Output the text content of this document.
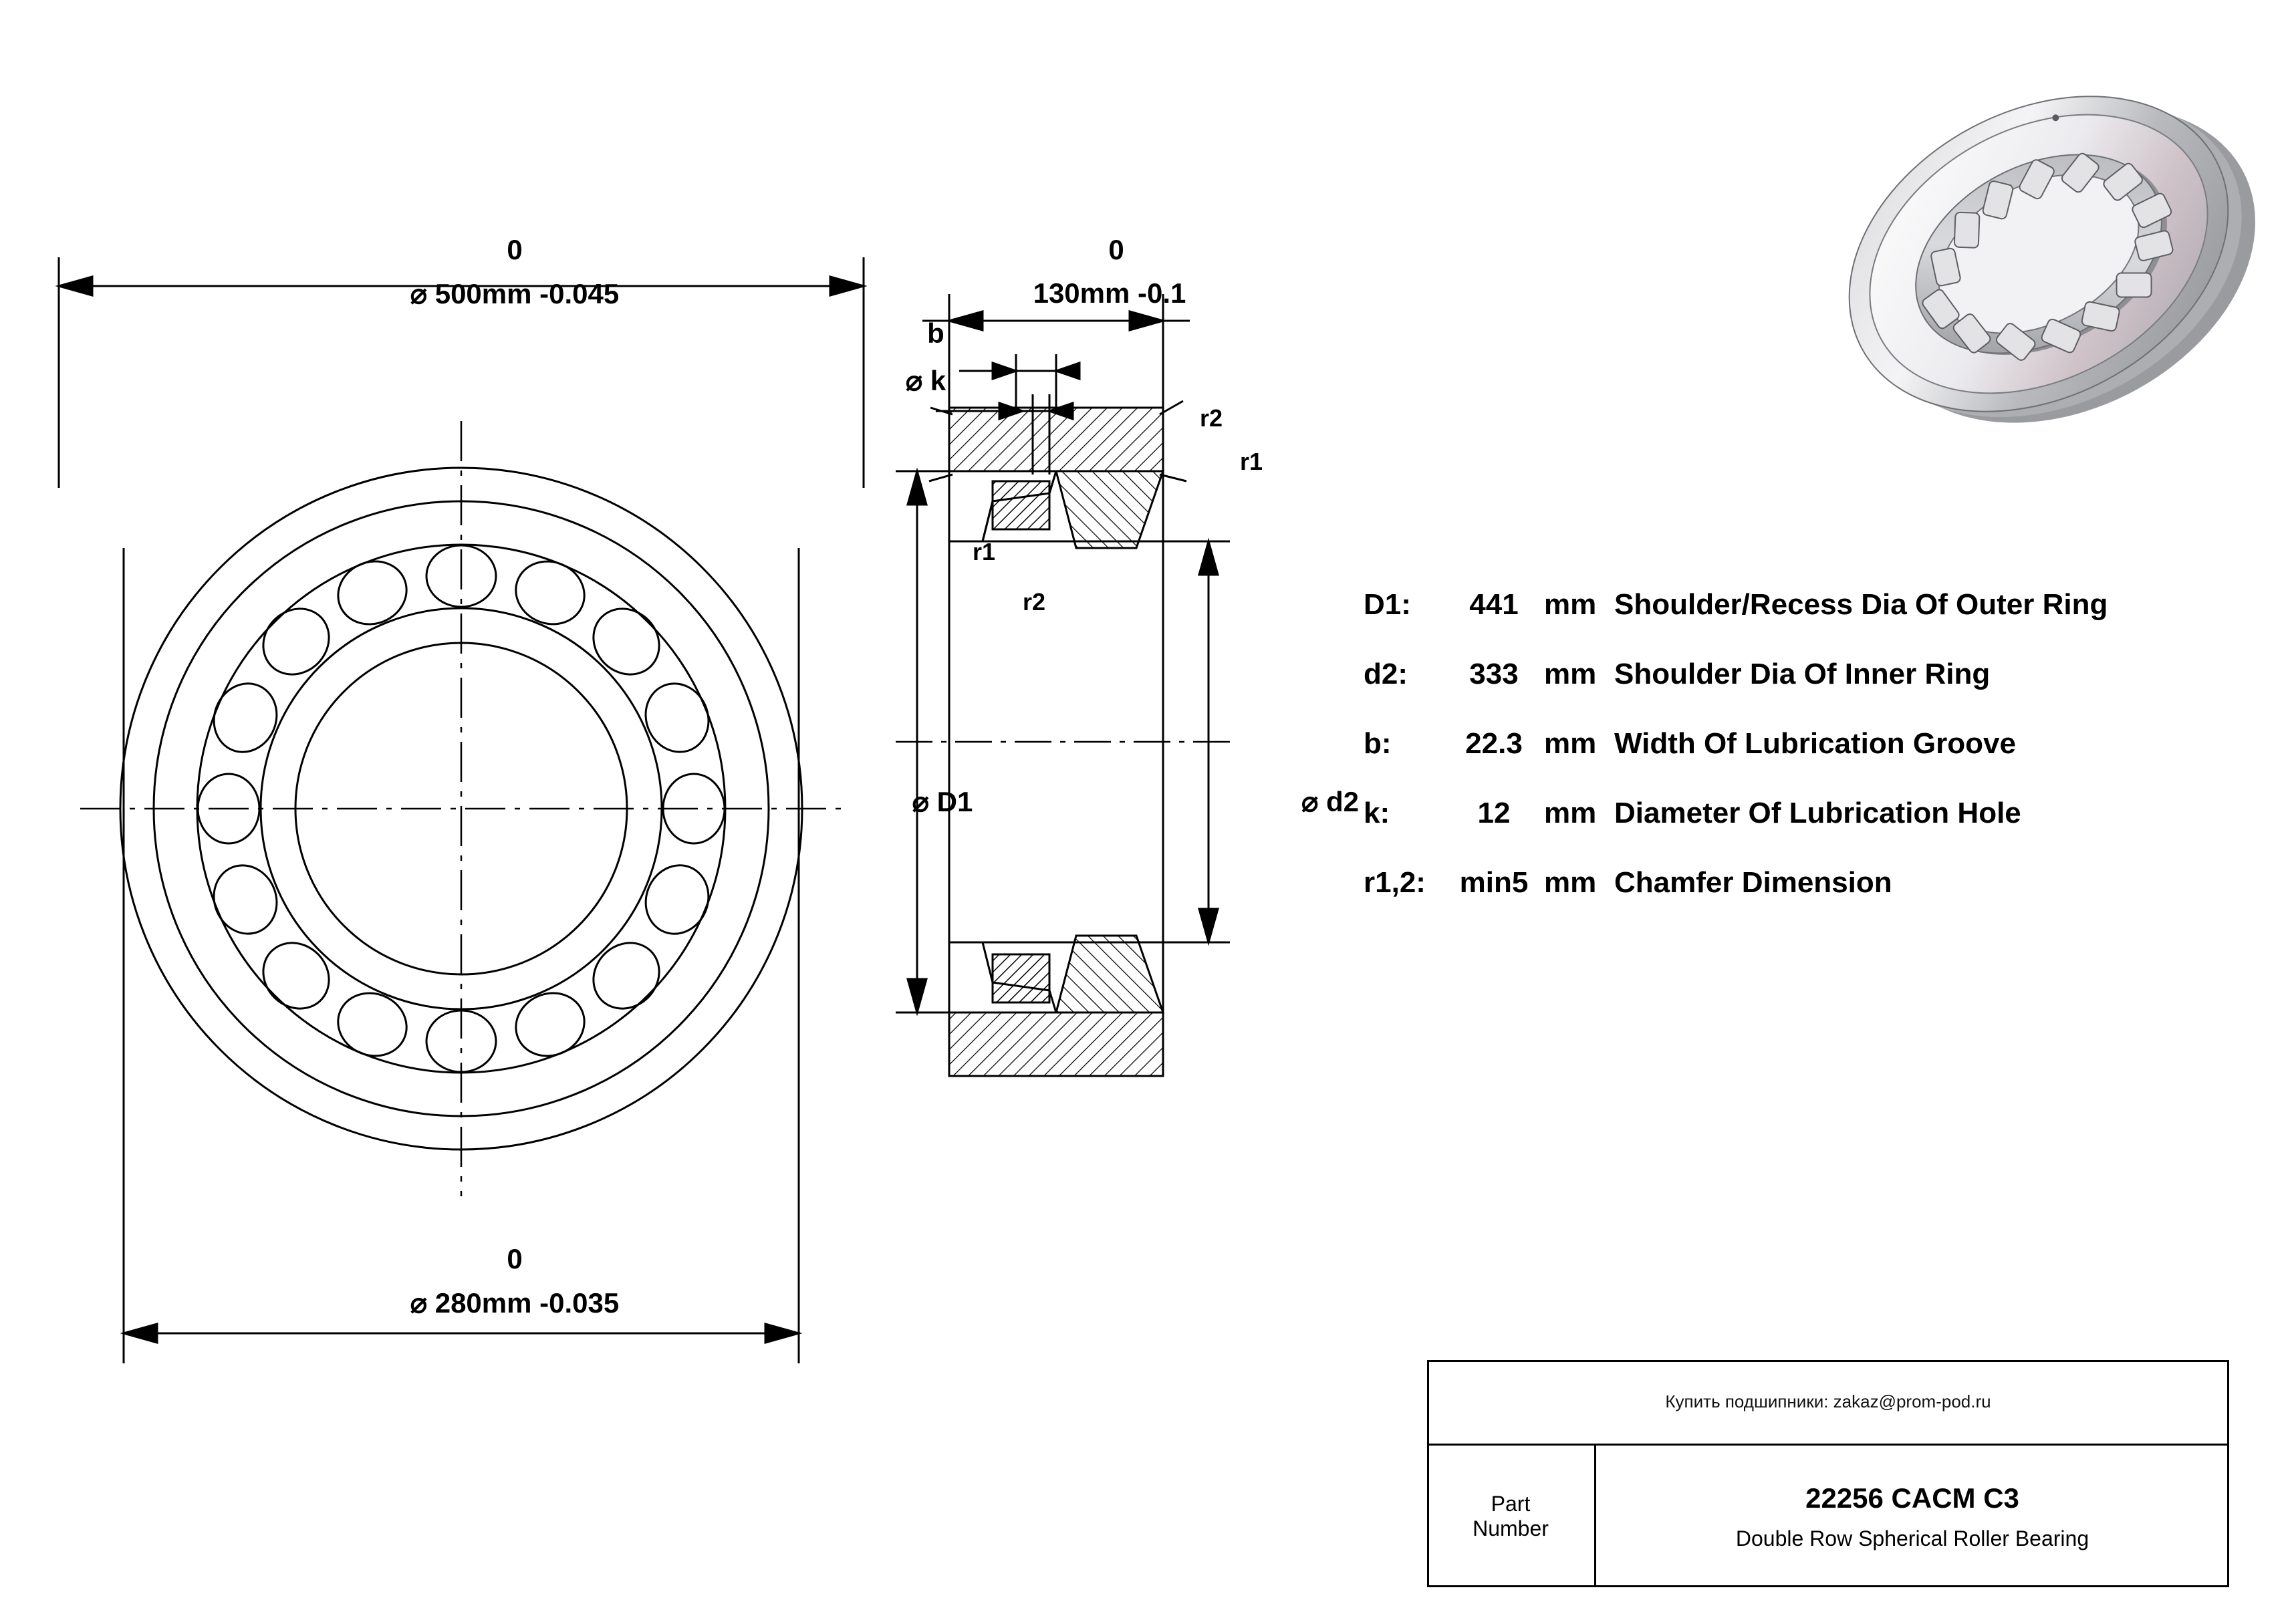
0
⌀ 500mm -0.045
0
⌀ 280mm -0.035
0
130mm -0.1
b
⌀ k
r2
r1
r1
r2
⌀ D1	⌀ d2
D1:	441 mm Shoulder/Recess Dia Of Outer Ring
d2:	333 mm Shoulder Dia Of Inner Ring
b:	22.3 mm Width Of Lubrication Groove
k:	12	mm Diameter Of Lubrication Hole
r1,2:	min5 mm Chamfer Dimension
Купить подшипники: zakaz@prom-pod.ru
Part
Number
22256 CACM C3
Double Row Spherical Roller Bearing
